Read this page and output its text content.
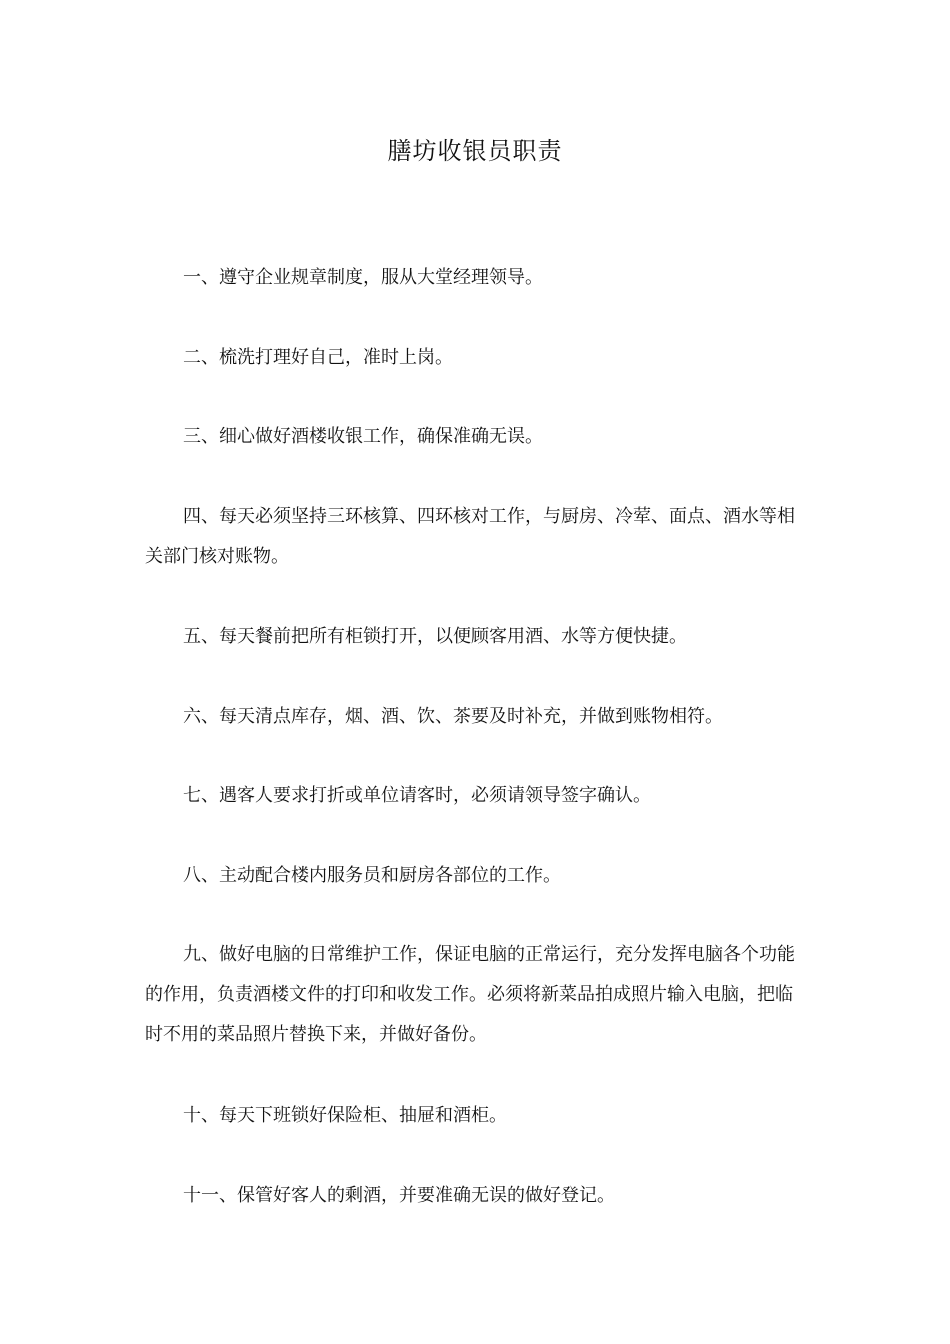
膳坊收银员职责

一、遵守企业规章制度，服从大堂经理领导。

二、梳洗打理好自己，准时上岗。

三、细心做好酒楼收银工作，确保准确无误。

四、每天必须坚持三环核算、四环核对工作，与厨房、冷荤、面点、酒水等相关部门核对账物。

五、每天餐前把所有柜锁打开，以便顾客用酒、水等方便快捷。

六、每天清点库存，烟、酒、饮、茶要及时补充，并做到账物相符。

七、遇客人要求打折或单位请客时，必须请领导签字确认。

八、主动配合楼内服务员和厨房各部位的工作。

九、做好电脑的日常维护工作，保证电脑的正常运行，充分发挥电脑各个功能的作用，负责酒楼文件的打印和收发工作。必须将新菜品拍成照片输入电脑，把临时不用的菜品照片替换下来，并做好备份。

十、每天下班锁好保险柜、抽屉和酒柜。

十一、保管好客人的剩酒，并要准确无误的做好登记。
